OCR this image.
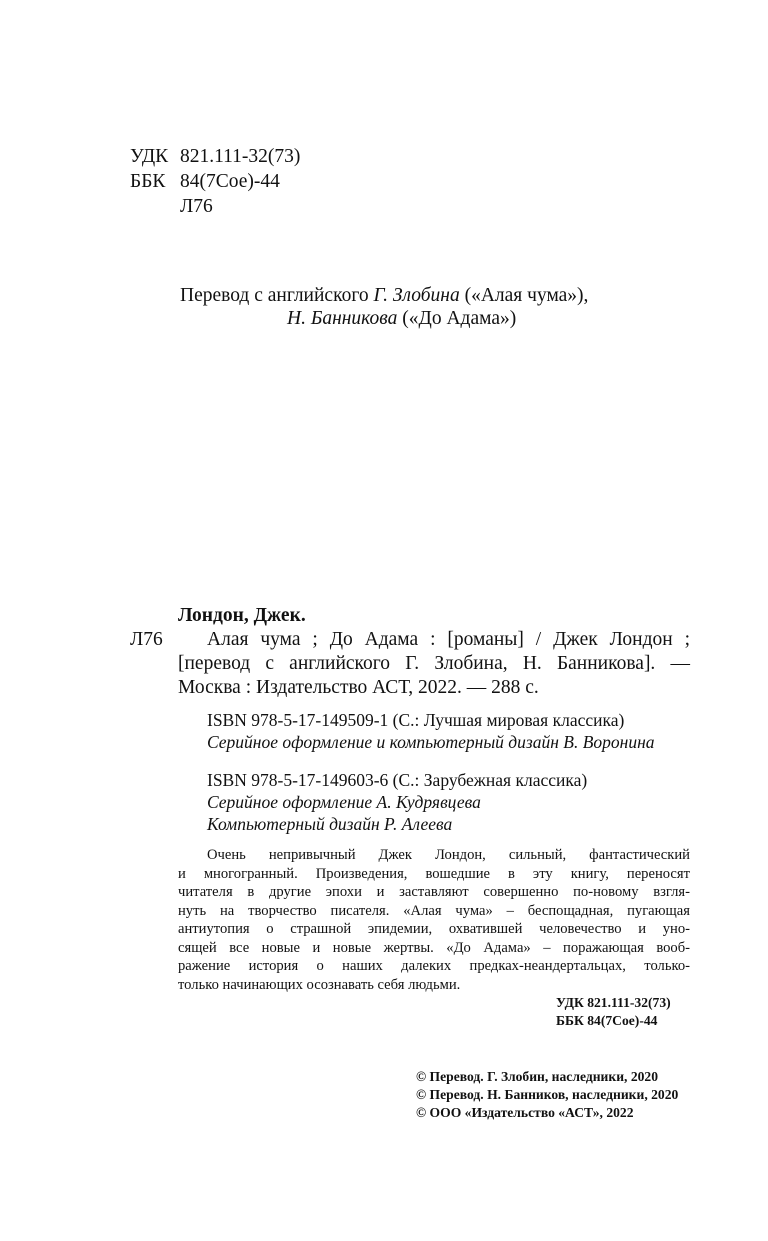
УДК 821.111-32(73)
ББК 84(7Сое)-44
Л76
Перевод с английского Г. Злобина («Алая чума»),
Н. Банникова («До Адама»)
Лондон, Джек.
Л76 Алая чума ; До Адама : [романы] / Джек Лондон ;
[перевод с английского Г. Злобина, Н. Банникова]. —
Москва : Издательство АСТ, 2022. — 288 с.
ISBN 978-5-17-149509-1 (С.: Лучшая мировая классика)
Серийное оформление и компьютерный дизайн В. Воронина
ISBN 978-5-17-149603-6 (С.: Зарубежная классика)
Серийное оформление А. Кудрявцева
Компьютерный дизайн Р. Алеева
Очень непривычный Джек Лондон, сильный, фантастический
и многогранный. Произведения, вошедшие в эту книгу, переносят
читателя в другие эпохи и заставляют совершенно по-новому взгля-
нуть на творчество писателя. «Алая чума» – беспощадная, пугающая
антиутопия о страшной эпидемии, охватившей человечество и уно-
сящей все новые и новые жертвы. «До Адама» – поражающая вооб-
ражение история о наших далеких предках-неандертальцах, только-
только начинающих осознавать себя людьми.
УДК 821.111-32(73)
ББК 84(7Сое)-44
© Перевод. Г. Злобин, наследники, 2020
© Перевод. Н. Банников, наследники, 2020
© ООО «Издательство «АСТ», 2022
